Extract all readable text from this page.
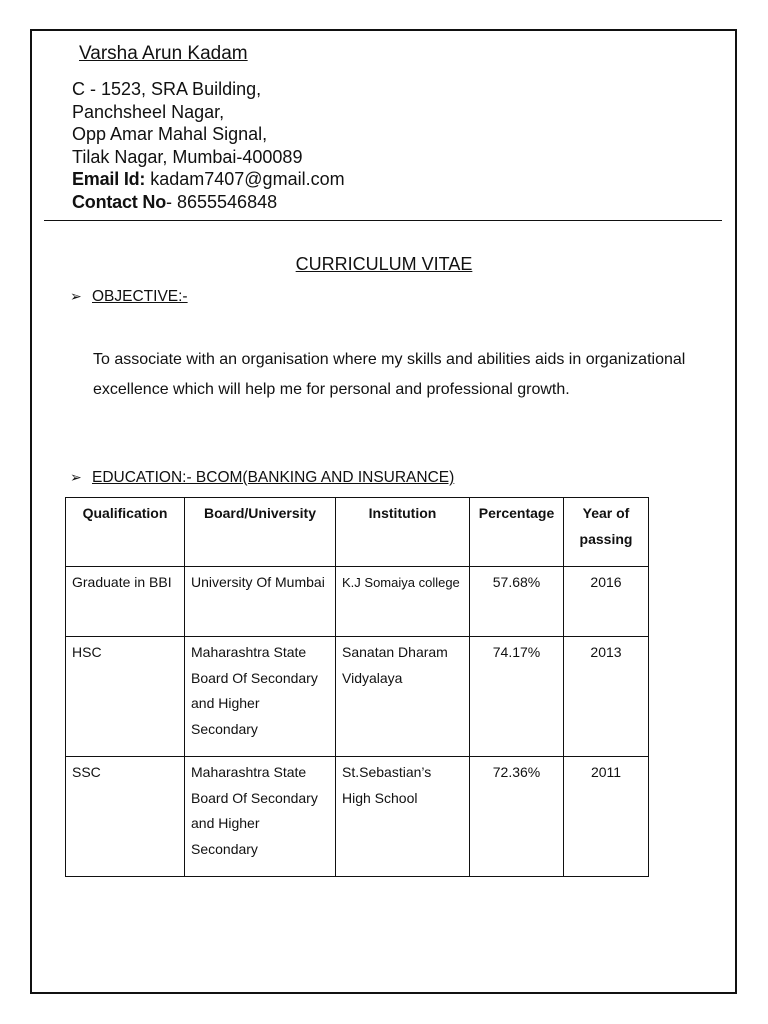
Varsha Arun Kadam
C - 1523, SRA Building,
Panchsheel Nagar,
Opp Amar Mahal Signal,
Tilak Nagar, Mumbai-400089
Email Id: kadam7407@gmail.com
Contact No- 8655546848
CURRICULUM VITAE
➢ OBJECTIVE:-
To associate with an organisation where my skills and abilities aids in organizational excellence which will help me for personal and professional growth.
➢ EDUCATION:- BCOM(BANKING AND INSURANCE)
Qualification	Board/University	Institution	Percentage	Year of passing
Graduate in BBI	University Of Mumbai	K.J Somaiya college	57.68%	2016
HSC	Maharashtra State Board Of Secondary and Higher Secondary	Sanatan Dharam Vidyalaya	74.17%	2013
SSC	Maharashtra State Board Of Secondary and Higher Secondary	St.Sebastian’s High School	72.36%	2011
